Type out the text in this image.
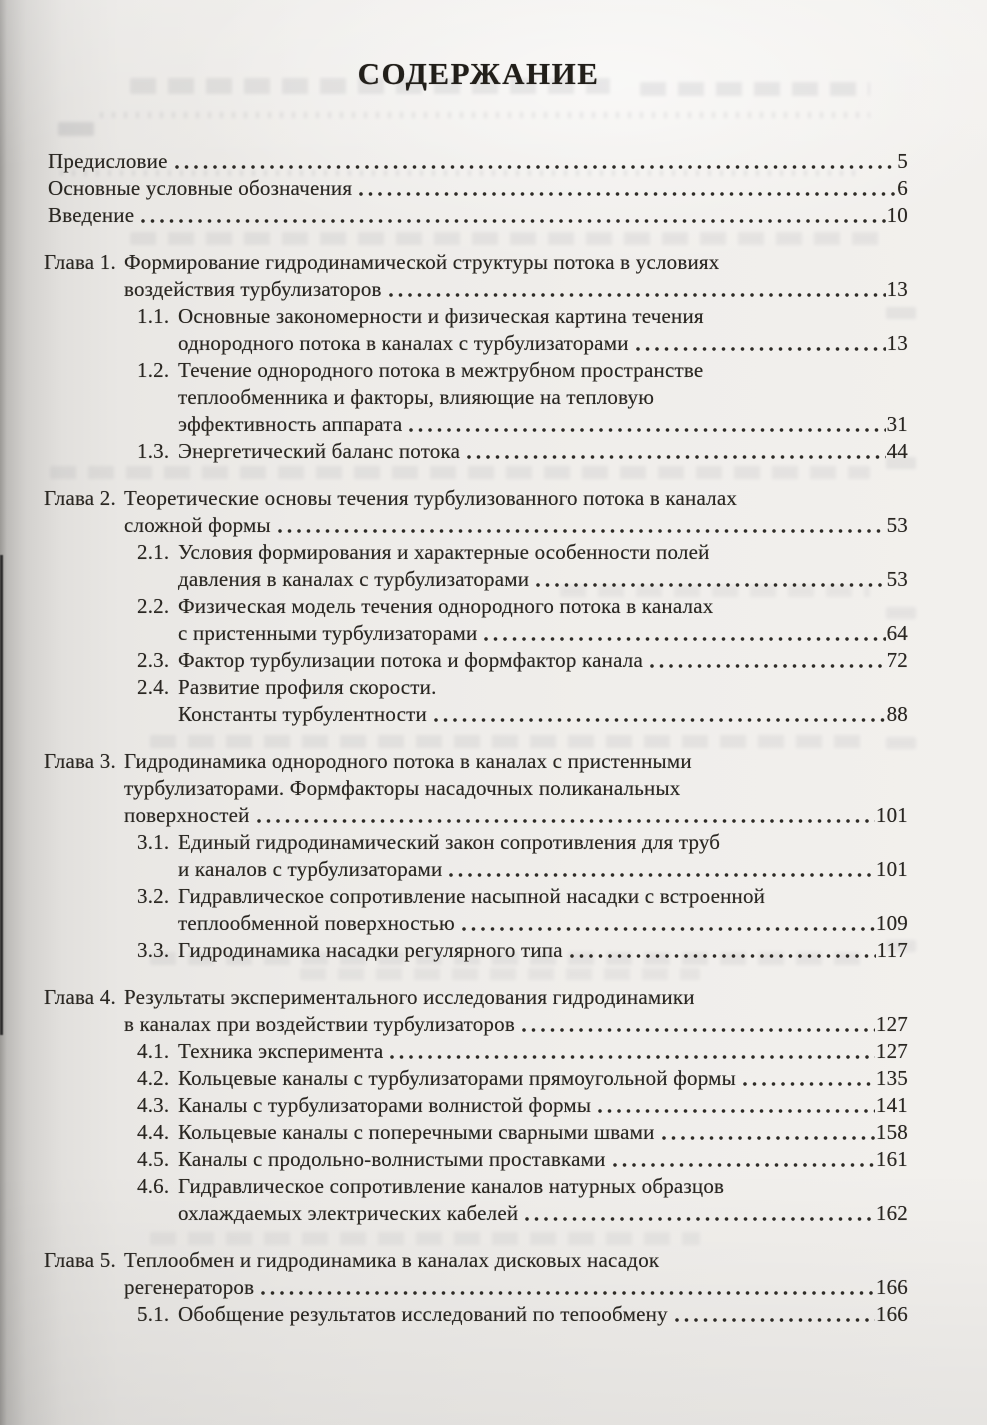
СОДЕРЖАНИЕ
Предисловие	5
Основные условные обозначения	6
Введение	10
Глава 1. Формирование гидродинамической структуры потока в условиях
воздействия турбулизаторов	13
1.1. Основные закономерности и физическая картина течения
однородного потока в каналах с турбулизаторами	13
1.2. Течение однородного потока в межтрубном пространстве
теплообменника и факторы, влияющие на тепловую
эффективность аппарата	31
1.3. Энергетический баланс потока	44
Глава 2. Теоретические основы течения турбулизованного потока в каналах
сложной формы	53
2.1. Условия формирования и характерные особенности полей
давления в каналах с турбулизаторами	53
2.2. Физическая модель течения однородного потока в каналах
с пристенными турбулизаторами	64
2.3. Фактор турбулизации потока и формфактор канала	72
2.4. Развитие профиля скорости.
Константы турбулентности	88
Глава 3. Гидродинамика однородного потока в каналах с пристенными
турбулизаторами. Формфакторы насадочных поликанальных
поверхностей	101
3.1. Единый гидродинамический закон сопротивления для труб
и каналов с турбулизаторами	101
3.2. Гидравлическое сопротивление насыпной насадки с встроенной
теплообменной поверхностью	109
3.3. Гидродинамика насадки регулярного типа	117
Глава 4. Результаты экспериментального исследования гидродинамики
в каналах при воздействии турбулизаторов	127
4.1. Техника эксперимента	127
4.2. Кольцевые каналы с турбулизаторами прямоугольной формы	135
4.3. Каналы с турбулизаторами волнистой формы	141
4.4. Кольцевые каналы с поперечными сварными швами	158
4.5. Каналы с продольно-волнистыми проставками	161
4.6. Гидравлическое сопротивление каналов натурных образцов
охлаждаемых электрических кабелей	162
Глава 5. Теплообмен и гидродинамика в каналах дисковых насадок
регенераторов	166
5.1. Обобщение результатов исследований по тепообмену	166
